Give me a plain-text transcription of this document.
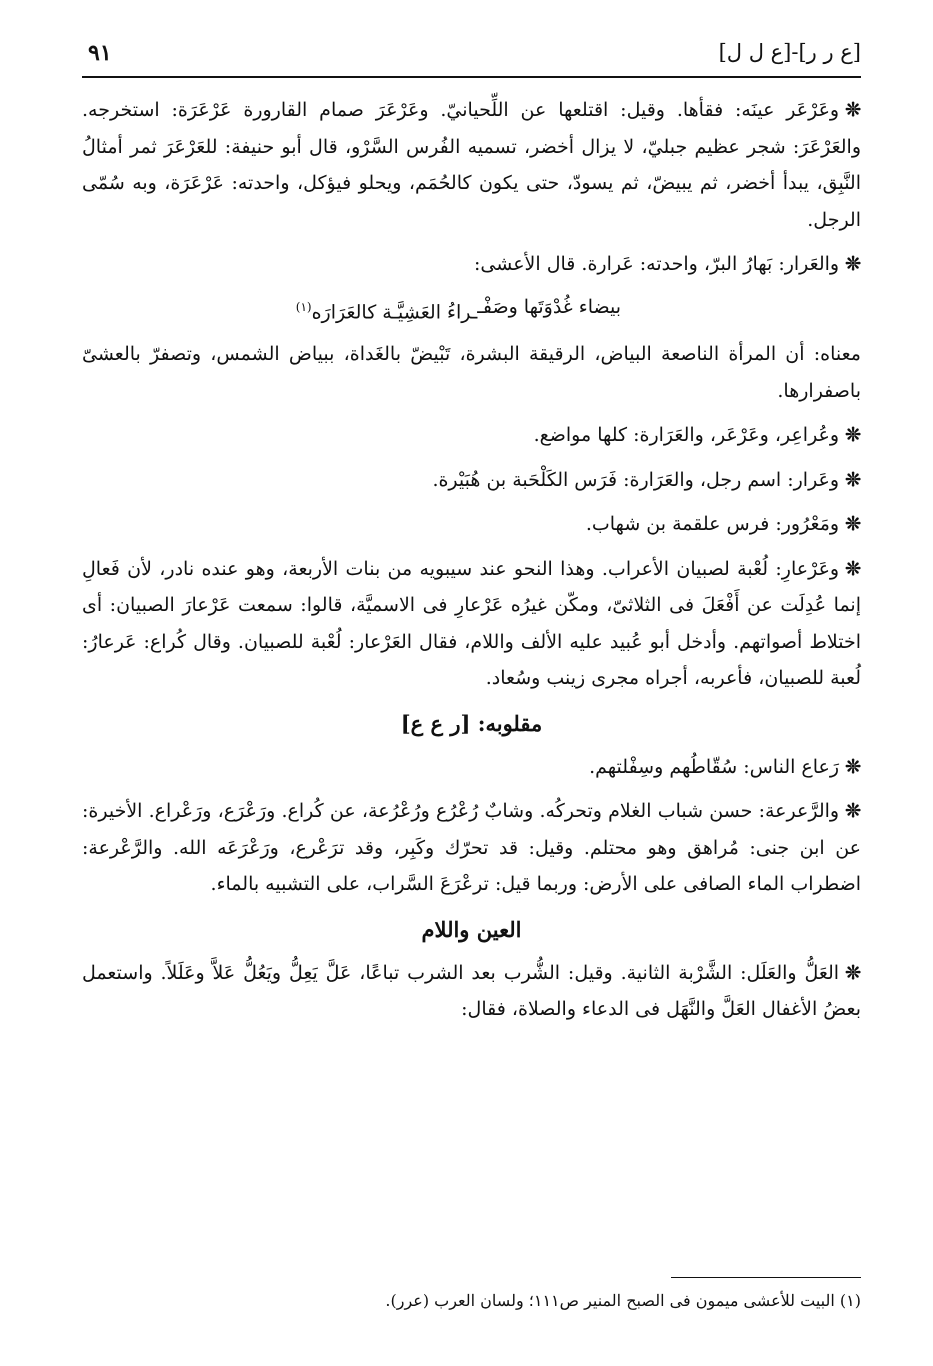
[ع ر ر]-[ع ل ل]
٩١

❊وعَرْعَر عينَه: فقأها. وقيل: اقتلعها عن اللِّحيانيّ. وعَرْعَرَ صمام القارورة عَرْعَرَة: استخرجه. والعَرْعَرَ: شجر عظيم جبليّ، لا يزال أخضر، تسميه الفُرس السَّرْو، قال أبو حنيفة: للعَرْعَرَ ثمر أمثالُ النَّبِق، يبدأ أخضر، ثم يبيضّ، ثم يسودّ، حتى يكون كالحُمَم، ويحلو فيؤكل، واحدته: عَرْعَرَة، وبه سُمّى الرجل.

❊والعَرار: بَهارُ البرّ، واحدته: عَرارة. قال الأعشى:

بيضاء غُدْوَتَها وصَفْـ
ـراءُ العَشِيَّـة كالعَرَارَه$^{(١)}$

معناه: أن المرأة الناصعة البياض، الرقيقة البشرة، تَبْيضّ بالغَداة، ببياض الشمس، وتصفرّ بالعشىّ باصفرارها.

❊وعُراعِر، وعَرْعَر، والعَرَارة: كلها مواضع.

❊وعَرار: اسم رجل، والعَرَارة: فَرَس الكَلْحَبة بن هُبَيْرة.

❊ومَعْرُور: فرس علقمة بن شهاب.

❊وعَرْعارِ: لُعْبة لصبيان الأعراب. وهذا النحو عند سيبويه من بنات الأربعة، وهو عنده نادر، لأن فَعالِ إنما عُدِلَت عن أَفْعَلَ فى الثلاثىّ، ومكّن غيرُه عَرْعارِ فى الاسميَّة، قالوا: سمعت عَرْعارَ الصبيان: أى اختلاط أصواتهم. وأدخل أبو عُبيد عليه الألف واللام، فقال العَرْعار: لُعْبة للصبيان. وقال كُراع: عَرعارُ: لُعبة للصبيان، فأعربه، أجراه مجرى زينب وسُعاد.

مقلوبه: [ر ع ع]

❊رَعاع الناس: سُقّاطُهم وسِفْلتهم.

❊والرَّعرعة: حسن شباب الغلام وتحركُه. وشابٌ رُعْرُع ورُعْرُعة، عن كُراع. ورَعْرَع، ورَعْراع. الأخيرة: عن ابن جنى: مُراهق وهو محتلم. وقيل: قد تحرّك وكَبِر، وقد ترَعْرع، ورَعْرَعَه الله. والرَّعْرعة: اضطراب الماء الصافى على الأرض: وربما قيل: ترعْرَعَ السَّراب، على التشبيه بالماء.

العين واللام

❊العَلُّ والعَلَل: الشَّرْبة الثانية. وقيل: الشُّرب بعد الشرب تباعًا، عَلَّ يَعِلُّ ويَعُلُّ عَلاَّ وعَلَلاً. واستعمل بعضُ الأغفال العَلَّ والنَّهَل فى الدعاء والصلاة، فقال:

(١) البيت للأعشى ميمون فى الصبح المنير ص١١١؛ ولسان العرب (عرر).
